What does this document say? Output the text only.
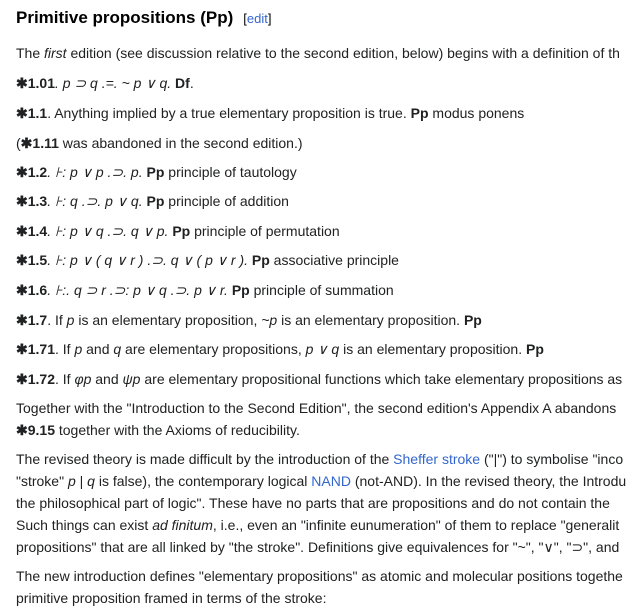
Primitive propositions (Pp) [edit]
The first edition (see discussion relative to the second edition, below) begins with a definition of th
✱1.01. p ⊃ q .=. ~ p ∨ q. Df.
✱1.1. Anything implied by a true elementary proposition is true. Pp modus ponens
(✱1.11 was abandoned in the second edition.)
✱1.2. ⊦: p ∨ p .⊃. p. Pp principle of tautology
✱1.3. ⊦: q .⊃. p ∨ q. Pp principle of addition
✱1.4. ⊦: p ∨ q .⊃. q ∨ p. Pp principle of permutation
✱1.5. ⊦: p ∨ ( q ∨ r ) .⊃. q ∨ ( p ∨ r ). Pp associative principle
✱1.6. ⊦:. q ⊃ r .⊃: p ∨ q .⊃. p ∨ r. Pp principle of summation
✱1.7. If p is an elementary proposition, ~p is an elementary proposition. Pp
✱1.71. If p and q are elementary propositions, p ∨ q is an elementary proposition. Pp
✱1.72. If φp and ψp are elementary propositional functions which take elementary propositions as
Together with the "Introduction to the Second Edition", the second edition's Appendix A abandons
✱9.15 together with the Axioms of reducibility.
The revised theory is made difficult by the introduction of the Sheffer stroke ("|") to symbolise "inco
"stroke" p | q is false), the contemporary logical NAND (not-AND). In the revised theory, the Introdu
the philosophical part of logic". These have no parts that are propositions and do not contain the
Such things can exist ad finitum, i.e., even an "infinite eunumeration" of them to replace "generalit
propositions" that are all linked by "the stroke". Definitions give equivalences for "~", "∨", "⊃", and
The new introduction defines "elementary propositions" as atomic and molecular positions togethe
primitive proposition framed in terms of the stroke:
